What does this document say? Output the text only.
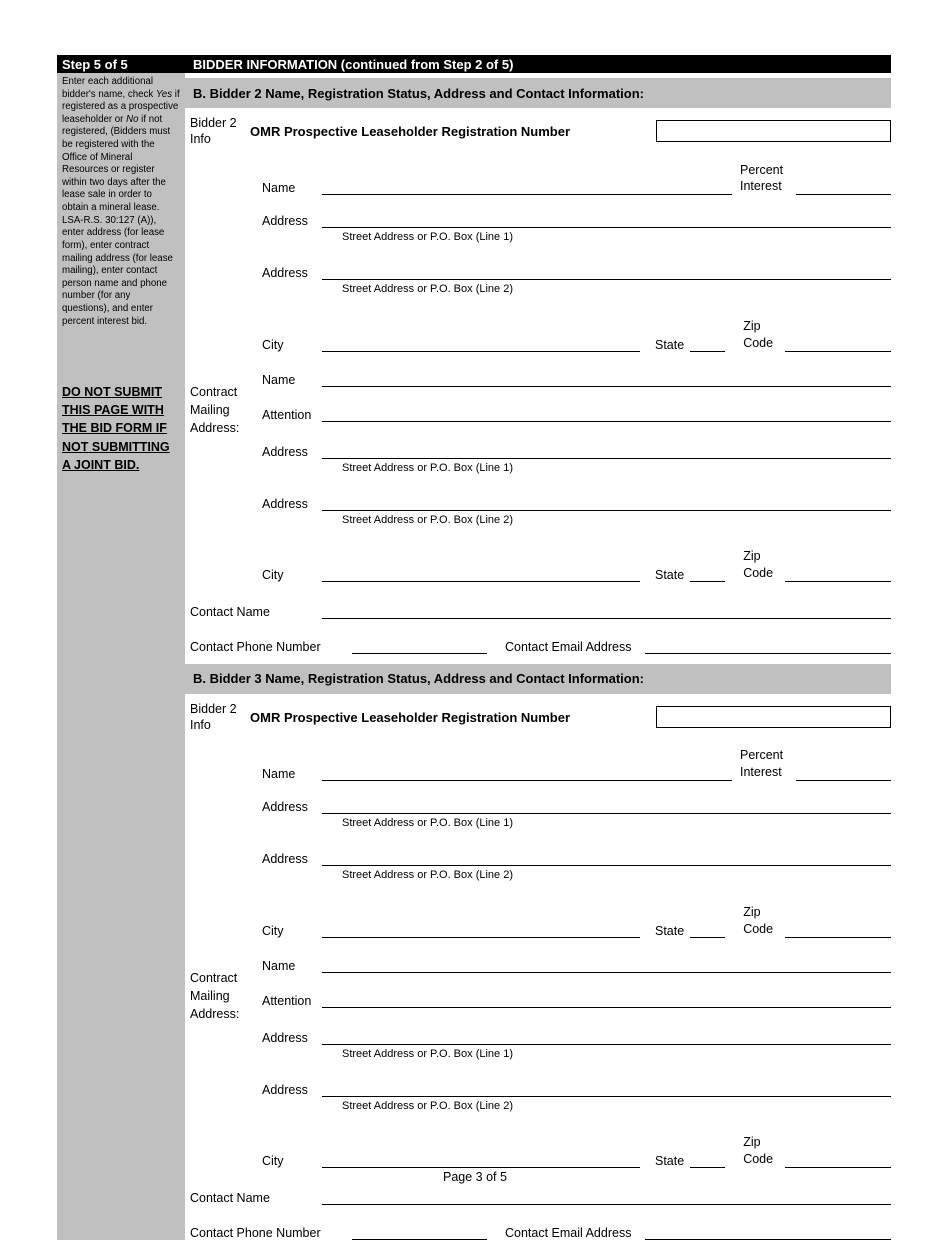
Step 5 of 5	BIDDER INFORMATION (continued from Step 2 of 5)
Enter each additional bidder's name, check Yes if registered as a prospective leaseholder or No if not registered, (Bidders must be registered with the Office of Mineral Resources or register within two days after the lease sale in order to obtain a mineral lease. LSA-R.S. 30:127 (A)), enter address (for lease form), enter contract mailing address (for lease mailing), enter contact person name and phone number (for any questions), and enter percent interest bid.
DO NOT SUBMIT THIS PAGE WITH THE BID FORM IF NOT SUBMITTING A JOINT BID.
B. Bidder 2 Name, Registration Status, Address and Contact Information:
Bidder 2 Info
OMR Prospective Leaseholder Registration Number
Name
Percent Interest
Address
Street Address or P.O. Box (Line 1)
Address
Street Address or P.O. Box (Line 2)
City	State
Zip Code
Contract Mailing Address:
Name
Attention
Address
Street Address or P.O. Box (Line 1)
Address
Street Address or P.O. Box (Line 2)
City	State
Zip Code
Contact Name
Contact Phone Number	Contact Email Address
B. Bidder 3 Name, Registration Status, Address and Contact Information:
Bidder 2 Info
OMR Prospective Leaseholder Registration Number
Name
Percent Interest
Address
Street Address or P.O. Box (Line 1)
Address
Street Address or P.O. Box (Line 2)
City	State
Zip Code
Contract Mailing Address:
Name
Attention
Address
Street Address or P.O. Box (Line 1)
Address
Street Address or P.O. Box (Line 2)
City	State
Zip Code
Contact Name
Contact Phone Number	Contact Email Address
Page 3 of 5
